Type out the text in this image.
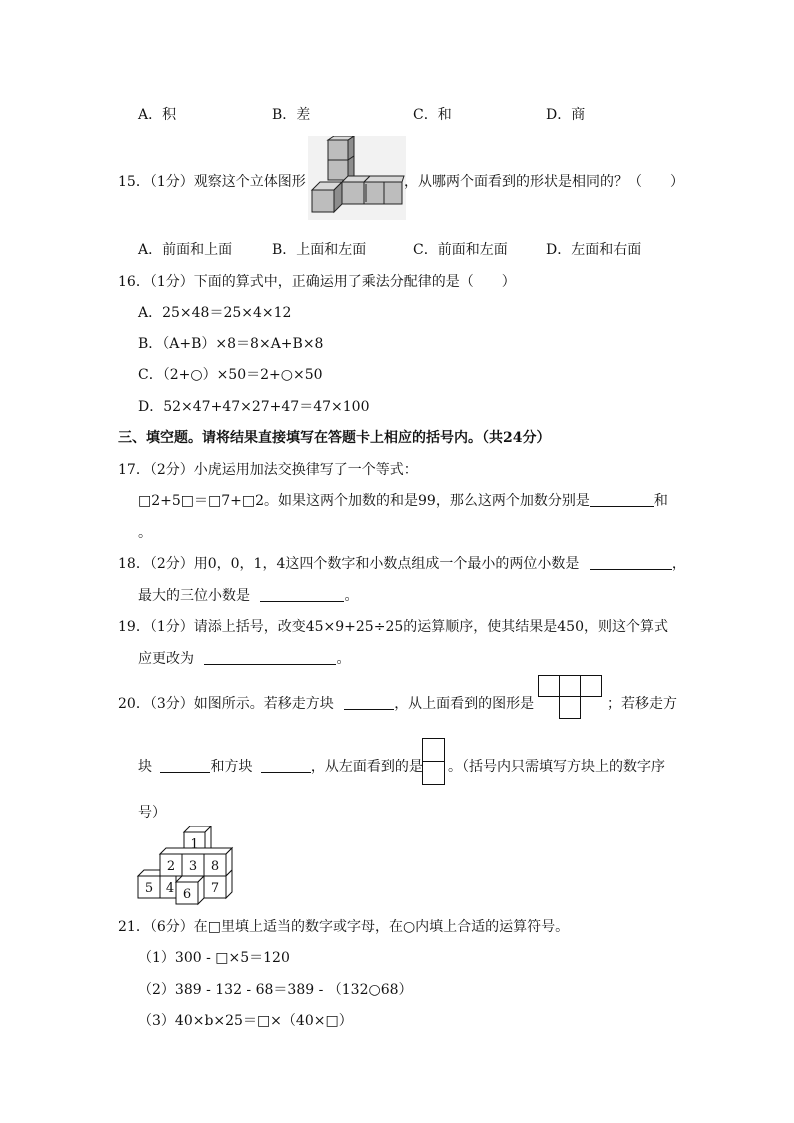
A．积	B．差	C．和	D．商
15．（1分）观察这个立体图形	，从哪两个面看到的形状是相同的？（　　）
A．前面和上面	B．上面和左面	C．前面和左面	D．左面和右面
16．（1分）下面的算式中，正确运用了乘法分配律的是（　　）
A．25×48＝25×4×12
B．（A+B）×8＝8×A+B×8
C．（2+○）×50＝2+○×50
D．52×47+47×27+47＝47×100
三、填空题。请将结果直接填写在答题卡上相应的括号内。（共24分）
17．（2分）小虎运用加法交换律写了一个等式：
□2+5□＝□7+□2。如果这两个加数的和是99，那么这两个加数分别是	和
。
18．（2分）用0，0，1，4这四个数字和小数点组成一个最小的两位小数是	，
最大的三位小数是	。
19．（1分）请添上括号，改变45×9+25÷25的运算顺序，使其结果是450，则这个算式
应更改为	。
20．（3分）如图所示。若移走方块	，从上面看到的图形是	；若移走方
块	和方块	，从左面看到的是 。（括号内只需填写方块上的数字序
号）
1
2 3 8
5 4 6 7
21．（6分）在□里填上适当的数字或字母，在○内填上合适的运算符号。
（1）300 - □×5＝120
（2）389 - 132 - 68＝389 - （132○68）
（3）40×b×25＝□×（40×□）
